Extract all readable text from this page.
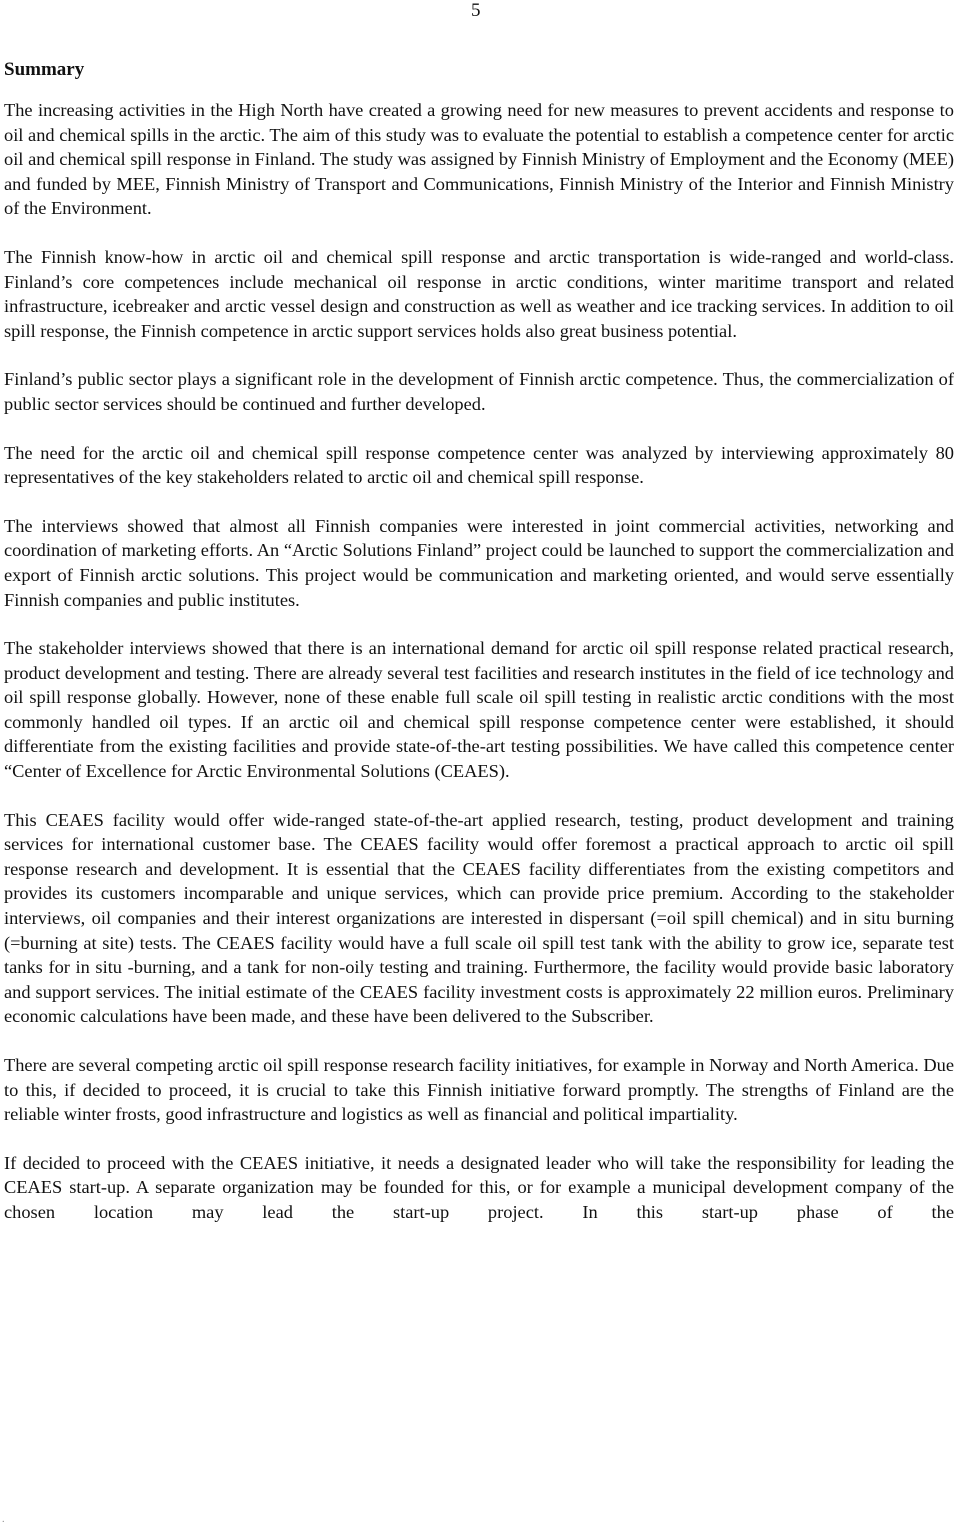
5
Summary

The increasing activities in the High North have created a growing need for new measures to prevent accidents and response to oil and chemical spills in the arctic. The aim of this study was to evaluate the potential to establish a competence center for arctic oil and chemical spill response in Finland. The study was assigned by Finnish Ministry of Employment and the Economy (MEE) and funded by MEE, Finnish Ministry of Transport and Communications, Finnish Ministry of the Interior and Finnish Ministry of the Environment.

The Finnish know-how in arctic oil and chemical spill response and arctic transportation is wide-ranged and world-class. Finland’s core competences include mechanical oil response in arctic conditions, winter maritime transport and related infrastructure, icebreaker and arctic vessel design and construction as well as weather and ice tracking services. In addition to oil spill response, the Finnish competence in arctic support services holds also great business potential.

Finland’s public sector plays a significant role in the development of Finnish arctic competence. Thus, the commercialization of public sector services should be continued and further developed.

The need for the arctic oil and chemical spill response competence center was analyzed by interviewing approximately 80 representatives of the key stakeholders related to arctic oil and chemical spill response.

The interviews showed that almost all Finnish companies were interested in joint commercial activities, networking and coordination of marketing efforts. An “Arctic Solutions Finland” project could be launched to support the commercialization and export of Finnish arctic solutions. This project would be communication and marketing oriented, and would serve essentially Finnish companies and public institutes.

The stakeholder interviews showed that there is an international demand for arctic oil spill response related practical research, product development and testing. There are already several test facilities and research institutes in the field of ice technology and oil spill response globally. However, none of these enable full scale oil spill testing in realistic arctic conditions with the most commonly handled oil types. If an arctic oil and chemical spill response competence center were established, it should differentiate from the existing facilities and provide state-of-the-art testing possibilities. We have called this competence center “Center of Excellence for Arctic Environmental Solutions (CEAES).

This CEAES facility would offer wide-ranged state-of-the-art applied research, testing, product development and training services for international customer base. The CEAES facility would offer foremost a practical approach to arctic oil spill response research and development. It is essential that the CEAES facility differentiates from the existing competitors and provides its customers incomparable and unique services, which can provide price premium. According to the stakeholder interviews, oil companies and their interest organizations are interested in dispersant (=oil spill chemical) and in situ burning (=burning at site) tests. The CEAES facility would have a full scale oil spill test tank with the ability to grow ice, separate test tanks for in situ -burning, and a tank for non-oily testing and training. Furthermore, the facility would provide basic laboratory and support services. The initial estimate of the CEAES facility investment costs is approximately 22 million euros. Preliminary economic calculations have been made, and these have been delivered to the Subscriber.

There are several competing arctic oil spill response research facility initiatives, for example in Norway and North America. Due to this, if decided to proceed, it is crucial to take this Finnish initiative forward promptly. The strengths of Finland are the reliable winter frosts, good infrastructure and logistics as well as financial and political impartiality.

If decided to proceed with the CEAES initiative, it needs a designated leader who will take the responsibility for leading the CEAES start-up. A separate organization may be founded for this, or for example a municipal development company of the chosen location may lead the start-up project. In this start-up phase of the

.
